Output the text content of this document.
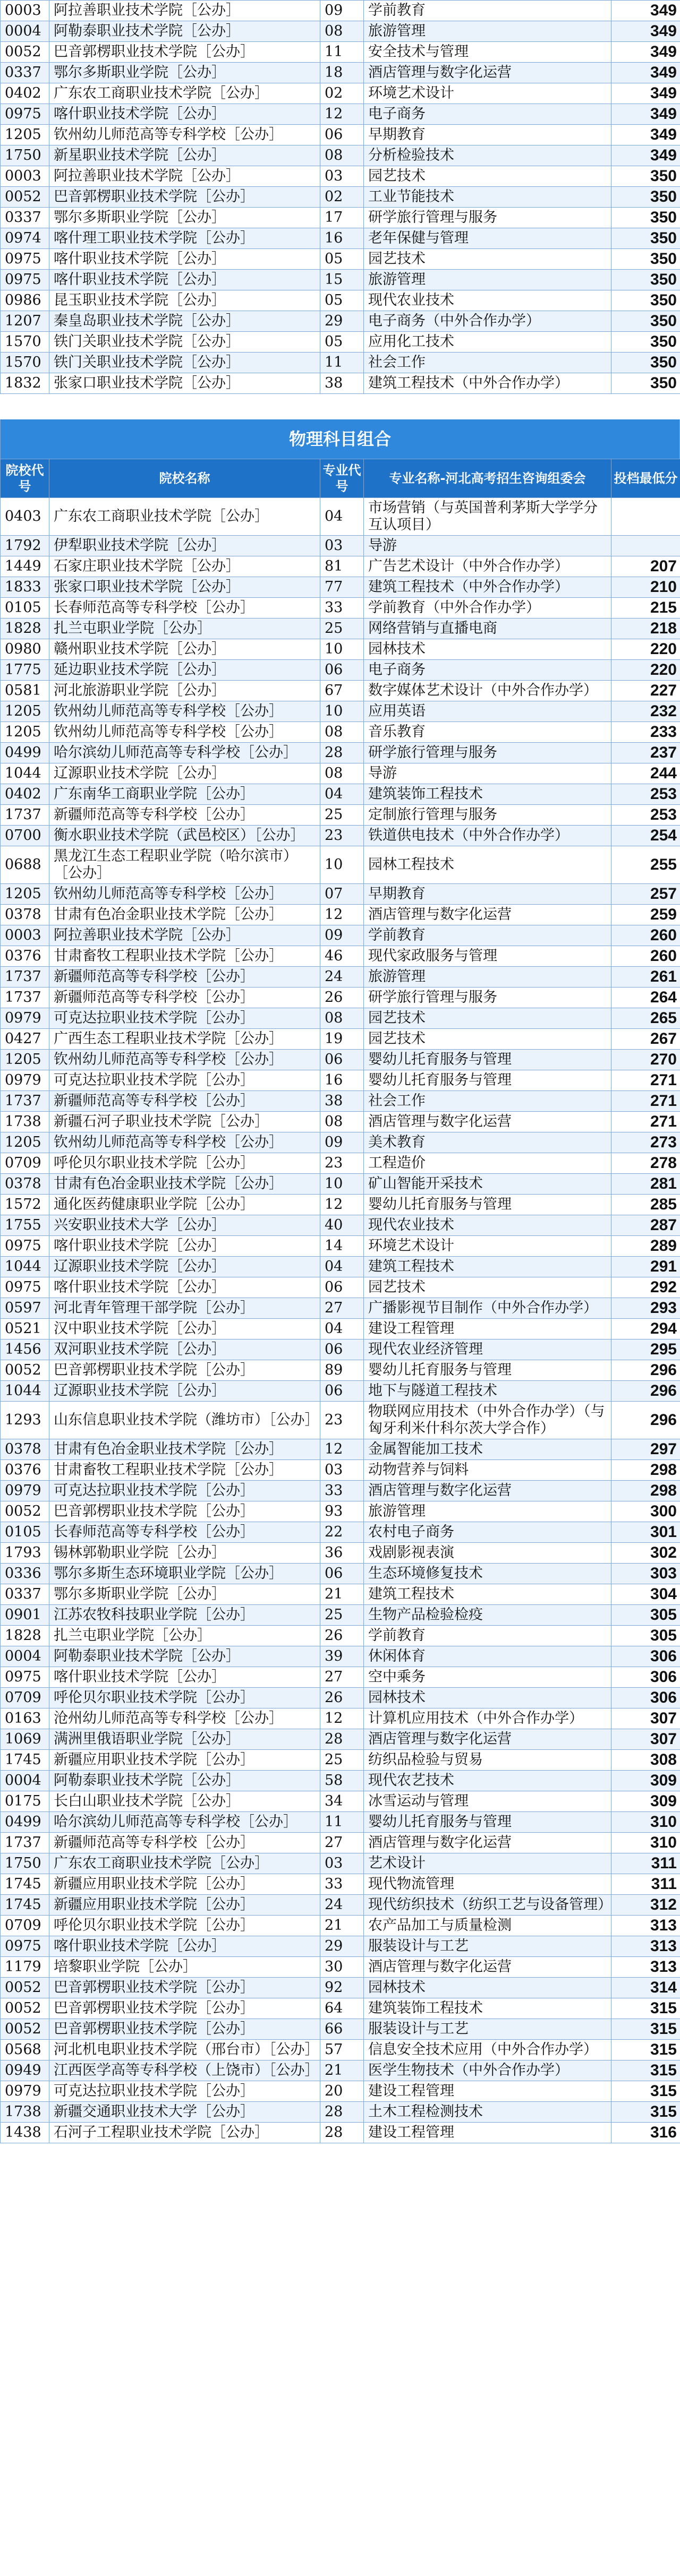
0003	阿拉善职业技术学院［公办］	09	学前教育	349
0004	阿勒泰职业技术学院［公办］	08	旅游管理	349
0052	巴音郭楞职业技术学院［公办］	11	安全技术与管理	349
0337	鄂尔多斯职业学院［公办］	18	酒店管理与数字化运营	349
0402	广东农工商职业技术学院［公办］	02	环境艺术设计	349
0975	喀什职业技术学院［公办］	12	电子商务	349
1205	钦州幼儿师范高等专科学校［公办］	06	早期教育	349
1750	新星职业技术学院［公办］	08	分析检验技术	349
0003	阿拉善职业技术学院［公办］	03	园艺技术	350
0052	巴音郭楞职业技术学院［公办］	02	工业节能技术	350
0337	鄂尔多斯职业学院［公办］	17	研学旅行管理与服务	350
0974	喀什理工职业技术学院［公办］	16	老年保健与管理	350
0975	喀什职业技术学院［公办］	05	园艺技术	350
0975	喀什职业技术学院［公办］	15	旅游管理	350
0986	昆玉职业技术学院［公办］	05	现代农业技术	350
1207	秦皇岛职业技术学院［公办］	29	电子商务（中外合作办学）	350
1570	铁门关职业技术学院［公办］	05	应用化工技术	350
1570	铁门关职业技术学院［公办］	11	社会工作	350
1832	张家口职业技术学院［公办］	38	建筑工程技术（中外合作办学）	350
物理科目组合
院校代号	院校名称	专业代号	专业名称-河北高考招生咨询组委会	投档最低分
0403	广东农工商职业技术学院［公办］	04	市场营销（与英国普利茅斯大学学分互认项目）	
1792	伊犁职业技术学院［公办］	03	导游	
1449	石家庄职业技术学院［公办］	81	广告艺术设计（中外合作办学）	207
1833	张家口职业技术学院［公办］	77	建筑工程技术（中外合作办学）	210
0105	长春师范高等专科学校［公办］	33	学前教育（中外合作办学）	215
1828	扎兰屯职业学院［公办］	25	网络营销与直播电商	218
0980	赣州职业技术学院［公办］	10	园林技术	220
1775	延边职业技术学院［公办］	06	电子商务	220
0581	河北旅游职业学院［公办］	67	数字媒体艺术设计（中外合作办学）	227
1205	钦州幼儿师范高等专科学校［公办］	10	应用英语	232
1205	钦州幼儿师范高等专科学校［公办］	08	音乐教育	233
0499	哈尔滨幼儿师范高等专科学校［公办］	28	研学旅行管理与服务	237
1044	辽源职业技术学院［公办］	08	导游	244
0402	广东南华工商职业学院［公办］	04	建筑装饰工程技术	253
1737	新疆师范高等专科学校［公办］	25	定制旅行管理与服务	253
0700	衡水职业技术学院（武邑校区）［公办］	23	铁道供电技术（中外合作办学）	254
0688	黑龙江生态工程职业学院（哈尔滨市）［公办］	10	园林工程技术	255
1205	钦州幼儿师范高等专科学校［公办］	07	早期教育	257
0378	甘肃有色冶金职业技术学院［公办］	12	酒店管理与数字化运营	259
0003	阿拉善职业技术学院［公办］	09	学前教育	260
0376	甘肃畜牧工程职业技术学院［公办］	46	现代家政服务与管理	260
1737	新疆师范高等专科学校［公办］	24	旅游管理	261
1737	新疆师范高等专科学校［公办］	26	研学旅行管理与服务	264
0979	可克达拉职业技术学院［公办］	08	园艺技术	265
0427	广西生态工程职业技术学院［公办］	19	园艺技术	267
1205	钦州幼儿师范高等专科学校［公办］	06	婴幼儿托育服务与管理	270
0979	可克达拉职业技术学院［公办］	16	婴幼儿托育服务与管理	271
1737	新疆师范高等专科学校［公办］	38	社会工作	271
1738	新疆石河子职业技术学院［公办］	08	酒店管理与数字化运营	271
1205	钦州幼儿师范高等专科学校［公办］	09	美术教育	273
0709	呼伦贝尔职业技术学院［公办］	23	工程造价	278
0378	甘肃有色冶金职业技术学院［公办］	10	矿山智能开采技术	281
1572	通化医药健康职业学院［公办］	12	婴幼儿托育服务与管理	285
1755	兴安职业技术大学［公办］	40	现代农业技术	287
0975	喀什职业技术学院［公办］	14	环境艺术设计	289
1044	辽源职业技术学院［公办］	04	建筑工程技术	291
0975	喀什职业技术学院［公办］	06	园艺技术	292
0597	河北青年管理干部学院［公办］	27	广播影视节目制作（中外合作办学）	293
0521	汉中职业技术学院［公办］	04	建设工程管理	294
1456	双河职业技术学院［公办］	06	现代农业经济管理	295
0052	巴音郭楞职业技术学院［公办］	89	婴幼儿托育服务与管理	296
1044	辽源职业技术学院［公办］	06	地下与隧道工程技术	296
1293	山东信息职业技术学院（潍坊市）［公办］	23	物联网应用技术（中外合作办学）（与匈牙利米什科尔茨大学合作）	296
0378	甘肃有色冶金职业技术学院［公办］	12	金属智能加工技术	297
0376	甘肃畜牧工程职业技术学院［公办］	03	动物营养与饲料	298
0979	可克达拉职业技术学院［公办］	33	酒店管理与数字化运营	298
0052	巴音郭楞职业技术学院［公办］	93	旅游管理	300
0105	长春师范高等专科学校［公办］	22	农村电子商务	301
1793	锡林郭勒职业学院［公办］	36	戏剧影视表演	302
0336	鄂尔多斯生态环境职业学院［公办］	06	生态环境修复技术	303
0337	鄂尔多斯职业学院［公办］	21	建筑工程技术	304
0901	江苏农牧科技职业学院［公办］	25	生物产品检验检疫	305
1828	扎兰屯职业学院［公办］	26	学前教育	305
0004	阿勒泰职业技术学院［公办］	39	休闲体育	306
0975	喀什职业技术学院［公办］	27	空中乘务	306
0709	呼伦贝尔职业技术学院［公办］	26	园林技术	306
0163	沧州幼儿师范高等专科学校［公办］	12	计算机应用技术（中外合作办学）	307
1069	满洲里俄语职业学院［公办］	28	酒店管理与数字化运营	307
1745	新疆应用职业技术学院［公办］	25	纺织品检验与贸易	308
0004	阿勒泰职业技术学院［公办］	58	现代农艺技术	309
0175	长白山职业技术学院［公办］	34	冰雪运动与管理	309
0499	哈尔滨幼儿师范高等专科学校［公办］	11	婴幼儿托育服务与管理	310
1737	新疆师范高等专科学校［公办］	27	酒店管理与数字化运营	310
1750	广东农工商职业技术学院［公办］	03	艺术设计	311
1745	新疆应用职业技术学院［公办］	33	现代物流管理	311
1745	新疆应用职业技术学院［公办］	24	现代纺织技术（纺织工艺与设备管理）	312
0709	呼伦贝尔职业技术学院［公办］	21	农产品加工与质量检测	313
0975	喀什职业技术学院［公办］	29	服装设计与工艺	313
1179	培黎职业学院［公办］	30	酒店管理与数字化运营	313
0052	巴音郭楞职业技术学院［公办］	92	园林技术	314
0052	巴音郭楞职业技术学院［公办］	64	建筑装饰工程技术	315
0052	巴音郭楞职业技术学院［公办］	66	服装设计与工艺	315
0568	河北机电职业技术学院（邢台市）［公办］	57	信息安全技术应用（中外合作办学）	315
0949	江西医学高等专科学校（上饶市）［公办］	21	医学生物技术（中外合作办学）	315
0979	可克达拉职业技术学院［公办］	20	建设工程管理	315
1738	新疆交通职业技术大学［公办］	28	土木工程检测技术	315
1438	石河子工程职业技术学院［公办］	28	建设工程管理	316
